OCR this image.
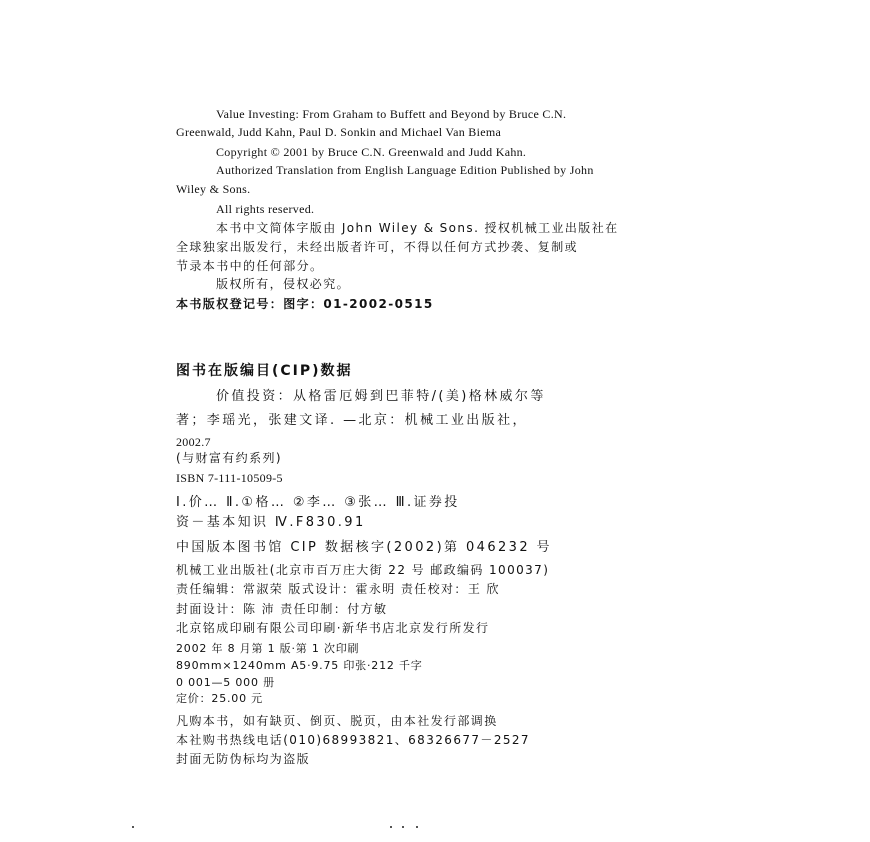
Value Investing: From Graham to Buffett and Beyond by Bruce C.N.
Greenwald, Judd Kahn, Paul D. Sonkin and Michael Van Biema
Copyright © 2001 by Bruce C.N. Greenwald and Judd Kahn.
Authorized Translation from English Language Edition Published by John
Wiley & Sons.
All rights reserved.
本书中文简体字版由 John Wiley & Sons. 授权机械工业出版社在
全球独家出版发行，未经出版者许可，不得以任何方式抄袭、复制或
节录本书中的任何部分。
版权所有，侵权必究。
本书版权登记号：图字：01-2002-0515
图书在版编目(CIP)数据
价值投资：从格雷厄姆到巴菲特/(美)格林威尔等
著；李瑶光，张建文译. —北京：机械工业出版社，
2002.7
(与财富有约系列)
ISBN 7-111-10509-5
Ⅰ.价… Ⅱ.①格… ②李… ③张… Ⅲ.证券投
资－基本知识 Ⅳ.F830.91
中国版本图书馆 CIP 数据核字(2002)第 046232 号
机械工业出版社(北京市百万庄大街 22 号 邮政编码 100037)
责任编辑：常淑荣 版式设计：霍永明 责任校对：王 欣
封面设计：陈 沛 责任印制：付方敏
北京铭成印刷有限公司印刷·新华书店北京发行所发行
2002 年 8 月第 1 版·第 1 次印刷
890mm×1240mm A5·9.75 印张·212 千字
0 001—5 000 册
定价：25.00 元
凡购本书，如有缺页、倒页、脱页，由本社发行部调换
本社购书热线电话(010)68993821、68326677－2527
封面无防伪标均为盗版
